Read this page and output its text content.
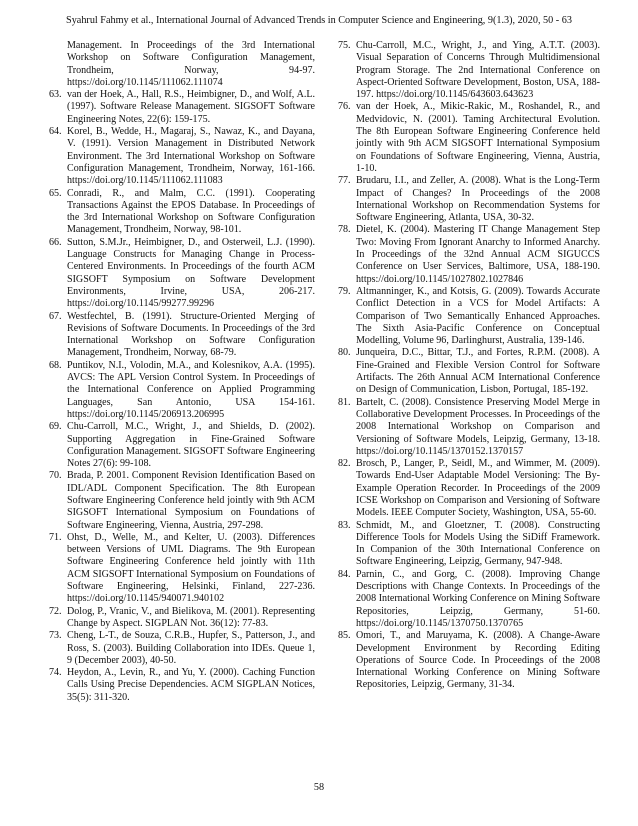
Syahrul Fahmy et al., International Journal of Advanced Trends in Computer Science and Engineering, 9(1.3), 2020, 50 - 63
Management. In Proceedings of the 3rd International Workshop on Software Configuration Management, Trondheim, Norway, 94-97. https://doi.org/10.1145/111062.111074
63. van der Hoek, A., Hall, R.S., Heimbigner, D., and Wolf, A.L. (1997). Software Release Management. SIGSOFT Software Engineering Notes, 22(6): 159-175.
64. Korel, B., Wedde, H., Magaraj, S., Nawaz, K., and Dayana, V. (1991). Version Management in Distributed Network Environment. The 3rd International Workshop on Software Configuration Management, Trondheim, Norway, 161-166. https://doi.org/10.1145/111062.111083
65. Conradi, R., and Malm, C.C. (1991). Cooperating Transactions Against the EPOS Database. In Proceedings of the 3rd International Workshop on Software Configuration Management, Trondheim, Norway, 98-101.
66. Sutton, S.M.Jr., Heimbigner, D., and Osterweil, L.J. (1990). Language Constructs for Managing Change in Process-Centered Environments. In Proceedings of the fourth ACM SIGSOFT Symposium on Software Development Environments, Irvine, USA, 206-217. https://doi.org/10.1145/99277.99296
67. Westfechtel, B. (1991). Structure-Oriented Merging of Revisions of Software Documents. In Proceedings of the 3rd International Workshop on Software Configuration Management, Trondheim, Norway, 68-79.
68. Puntikov, N.I., Volodin, M.A., and Kolesnikov, A.A. (1995). AVCS: The APL Version Control System. In Proceedings of the International Conference on Applied Programming Languages, San Antonio, USA 154-161. https://doi.org/10.1145/206913.206995
69. Chu-Carroll, M.C., Wright, J., and Shields, D. (2002). Supporting Aggregation in Fine-Grained Software Configuration Management. SIGSOFT Software Engineering Notes 27(6): 99-108.
70. Brada, P. 2001. Component Revision Identification Based on IDL/ADL Component Specification. The 8th European Software Engineering Conference held jointly with 9th ACM SIGSOFT International Symposium on Foundations of Software Engineering, Vienna, Austria, 297-298.
71. Ohst, D., Welle, M., and Kelter, U. (2003). Differences between Versions of UML Diagrams. The 9th European Software Engineering Conference held jointly with 11th ACM SIGSOFT International Symposium on Foundations of Software Engineering, Helsinki, Finland, 227-236. https://doi.org/10.1145/940071.940102
72. Dolog, P., Vranic, V., and Bielikova, M. (2001). Representing Change by Aspect. SIGPLAN Not. 36(12): 77-83.
73. Cheng, L-T., de Souza, C.R.B., Hupfer, S., Patterson, J., and Ross, S. (2003). Building Collaboration into IDEs. Queue 1, 9 (December 2003), 40-50.
74. Heydon, A., Levin, R., and Yu, Y. (2000). Caching Function Calls Using Precise Dependencies. ACM SIGPLAN Notices, 35(5): 311-320.
75. Chu-Carroll, M.C., Wright, J., and Ying, A.T.T. (2003). Visual Separation of Concerns Through Multidimensional Program Storage. The 2nd International Conference on Aspect-Oriented Software Development, Boston, USA, 188-197. https://doi.org/10.1145/643603.643623
76. van der Hoek, A., Mikic-Rakic, M., Roshandel, R., and Medvidovic, N. (2001). Taming Architectural Evolution. The 8th European Software Engineering Conference held jointly with 9th ACM SIGSOFT International Symposium on Foundations of Software Engineering, Vienna, Austria, 1-10.
77. Brudaru, I.I., and Zeller, A. (2008). What is the Long-Term Impact of Changes? In Proceedings of the 2008 International Workshop on Recommendation Systems for Software Engineering, Atlanta, USA, 30-32.
78. Dietel, K. (2004). Mastering IT Change Management Step Two: Moving From Ignorant Anarchy to Informed Anarchy. In Proceedings of the 32nd Annual ACM SIGUCCS Conference on User Services, Baltimore, USA, 188-190. https://doi.org/10.1145/1027802.1027846
79. Altmanninger, K., and Kotsis, G. (2009). Towards Accurate Conflict Detection in a VCS for Model Artifacts: A Comparison of Two Semantically Enhanced Approaches. The Sixth Asia-Pacific Conference on Conceptual Modelling, Volume 96, Darlinghurst, Australia, 139-146.
80. Junqueira, D.C., Bittar, T.J., and Fortes, R.P.M. (2008). A Fine-Grained and Flexible Version Control for Software Artifacts. The 26th Annual ACM International Conference on Design of Communication, Lisbon, Portugal, 185-192.
81. Bartelt, C. (2008). Consistence Preserving Model Merge in Collaborative Development Processes. In Proceedings of the 2008 International Workshop on Comparison and Versioning of Software Models, Leipzig, Germany, 13-18. https://doi.org/10.1145/1370152.1370157
82. Brosch, P., Langer, P., Seidl, M., and Wimmer, M. (2009). Towards End-User Adaptable Model Versioning: The By-Example Operation Recorder. In Proceedings of the 2009 ICSE Workshop on Comparison and Versioning of Software Models. IEEE Computer Society, Washington, USA, 55-60.
83. Schmidt, M., and Gloetzner, T. (2008). Constructing Difference Tools for Models Using the SiDiff Framework. In Companion of the 30th International Conference on Software Engineering, Leipzig, Germany, 947-948.
84. Parnin, C., and Gorg, C. (2008). Improving Change Descriptions with Change Contexts. In Proceedings of the 2008 International Working Conference on Mining Software Repositories, Leipzig, Germany, 51-60. https://doi.org/10.1145/1370750.1370765
85. Omori, T., and Maruyama, K. (2008). A Change-Aware Development Environment by Recording Editing Operations of Source Code. In Proceedings of the 2008 International Working Conference on Mining Software Repositories, Leipzig, Germany, 31-34.
58
